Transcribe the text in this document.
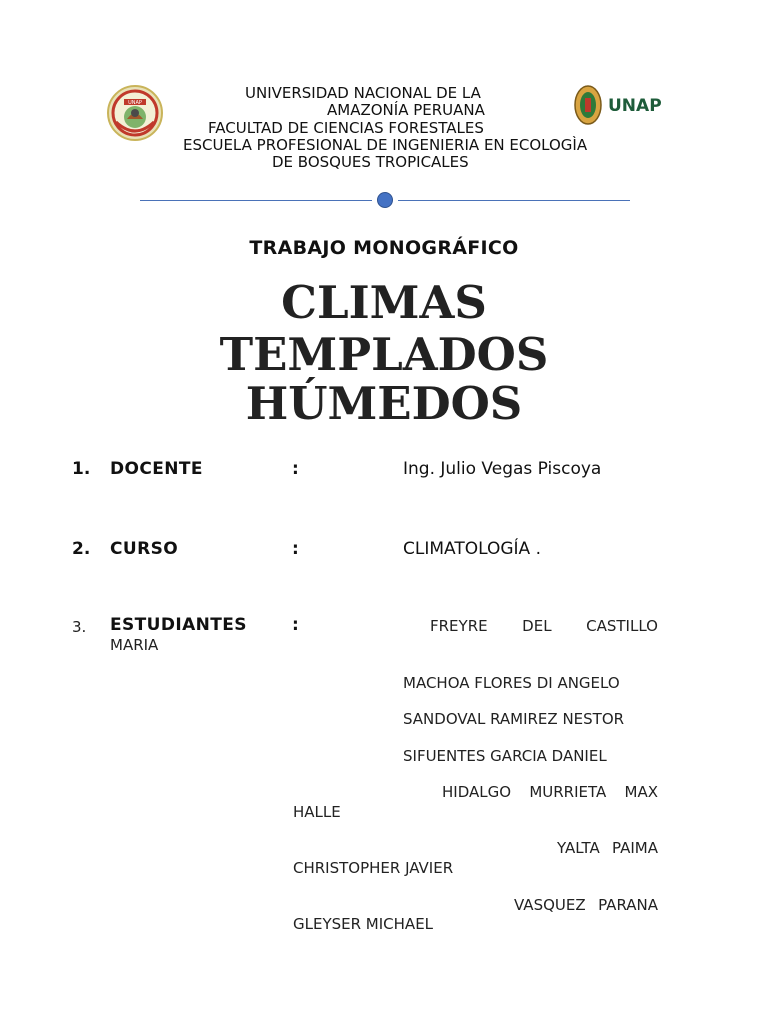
UNAP	UNAP
UNIVERSIDAD NACIONAL DE LA
AMAZONÍA PERUANA
FACULTAD DE CIENCIAS FORESTALES
ESCUELA PROFESIONAL DE INGENIERIA EN ECOLOGÌA
DE BOSQUES TROPICALES
TRABAJO MONOGRÁFICO
CLIMAS
TEMPLADOS
HÚMEDOS
1. DOCENTE	:	Ing. Julio Vegas Piscoya
2. CURSO	:	CLIMATOLOGÍA .
3. ESTUDIANTES	:	FREYRE DEL CASTILLO
MARIA
MACHOA FLORES DI ANGELO
SANDOVAL RAMIREZ NESTOR
SIFUENTES GARCIA DANIEL
HIDALGO MURRIETA MAX
HALLE
YALTA PAIMA
CHRISTOPHER JAVIER
VASQUEZ PARANA
GLEYSER MICHAEL
